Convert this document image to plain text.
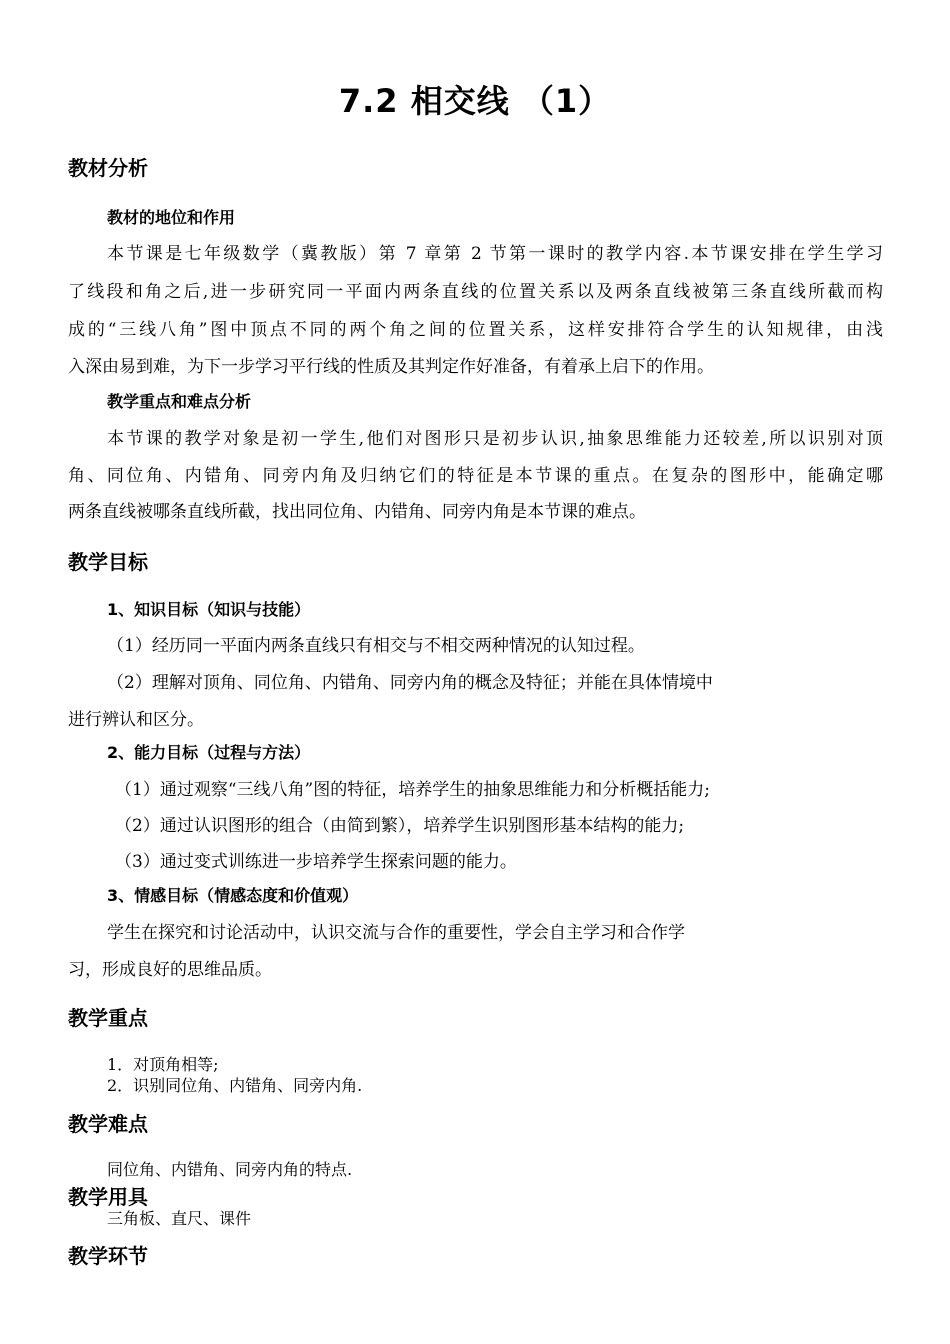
7.2 相交线 （1）
教材分析
教材的地位和作用
本节课是七年级数学（冀教版）第 7 章第 2 节第一课时的教学内容.本节课安排在学生学习
了线段和角之后,进一步研究同一平面内两条直线的位置关系以及两条直线被第三条直线所截而构
成的“三线八角”图中顶点不同的两个角之间的位置关系，这样安排符合学生的认知规律，由浅
入深由易到难，为下一步学习平行线的性质及其判定作好准备，有着承上启下的作用。
教学重点和难点分析
本节课的教学对象是初一学生,他们对图形只是初步认识,抽象思维能力还较差,所以识别对顶
角、同位角、内错角、同旁内角及归纳它们的特征是本节课的重点。在复杂的图形中，能确定哪
两条直线被哪条直线所截，找出同位角、内错角、同旁内角是本节课的难点。
教学目标
1、知识目标（知识与技能）
（1）经历同一平面内两条直线只有相交与不相交两种情况的认知过程。
（2）理解对顶角、同位角、内错角、同旁内角的概念及特征；并能在具体情境中
进行辨认和区分。
2、能力目标（过程与方法）
（1）通过观察“三线八角”图的特征，培养学生的抽象思维能力和分析概括能力;
（2）通过认识图形的组合（由简到繁），培养学生识别图形基本结构的能力;
（3）通过变式训练进一步培养学生探索问题的能力。
3、情感目标（情感态度和价值观）
学生在探究和讨论活动中，认识交流与合作的重要性，学会自主学习和合作学
习，形成良好的思维品质。
教学重点
1．对顶角相等;
2．识别同位角、内错角、同旁内角.
教学难点
同位角、内错角、同旁内角的特点.
教学用具
三角板、直尺、课件
教学环节
